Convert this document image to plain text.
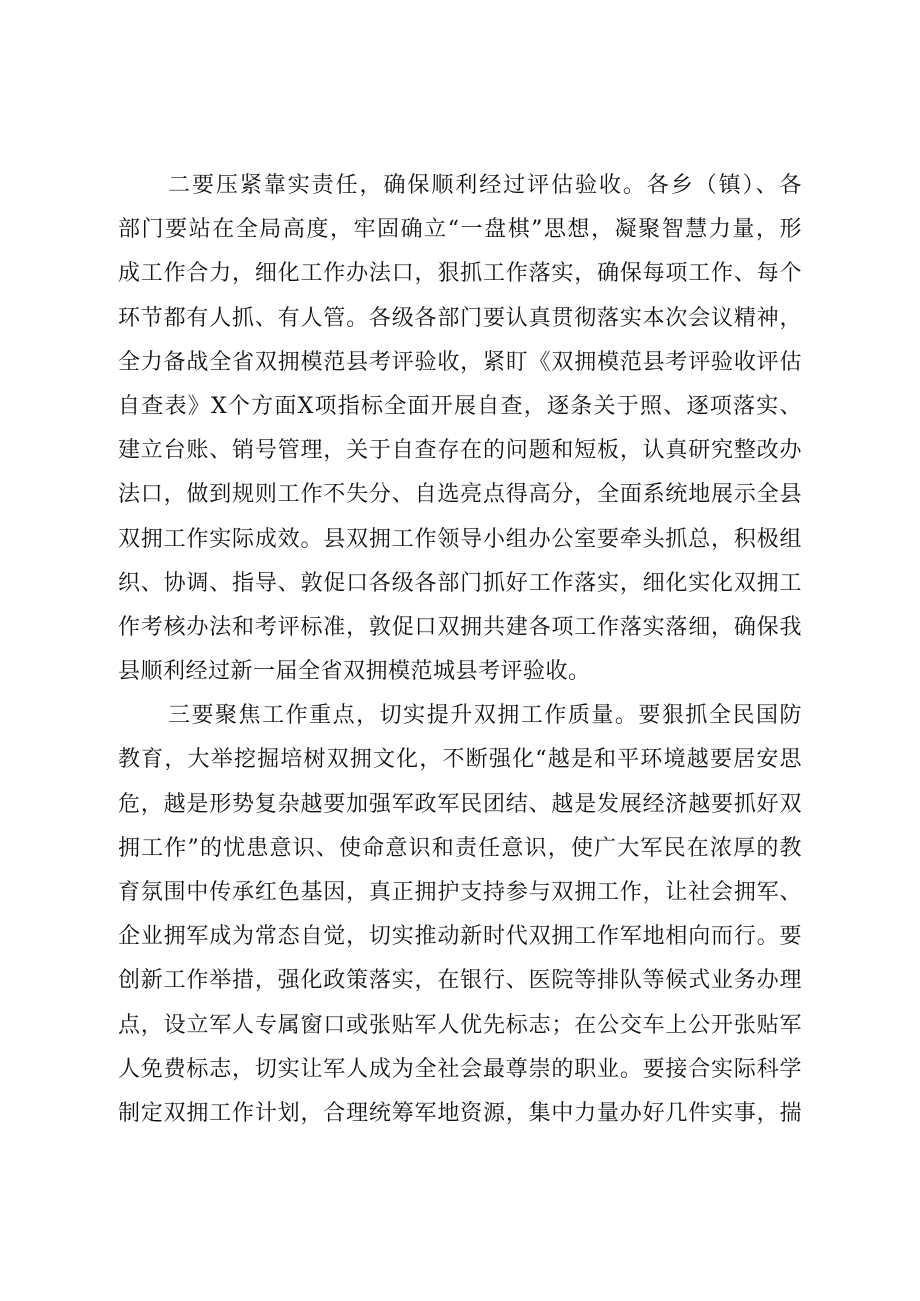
二要压紧靠实责任，确保顺利经过评估验收。各乡（镇）、各
部门要站在全局高度，牢固确立“一盘棋”思想，凝聚智慧力量，形
成工作合力，细化工作办法口，狠抓工作落实，确保每项工作、每个
环节都有人抓、有人管。各级各部门要认真贯彻落实本次会议精神，
全力备战全省双拥模范县考评验收，紧盯《双拥模范县考评验收评估
自查表》X个方面X项指标全面开展自查，逐条关于照、逐项落实、
建立台账、销号管理，关于自查存在的问题和短板，认真研究整改办
法口，做到规则工作不失分、自选亮点得高分，全面系统地展示全县
双拥工作实际成效。县双拥工作领导小组办公室要牵头抓总，积极组
织、协调、指导、敦促口各级各部门抓好工作落实，细化实化双拥工
作考核办法和考评标准，敦促口双拥共建各项工作落实落细，确保我
县顺利经过新一届全省双拥模范城县考评验收。
三要聚焦工作重点，切实提升双拥工作质量。要狠抓全民国防
教育，大举挖掘培树双拥文化，不断强化“越是和平环境越要居安思
危，越是形势复杂越要加强军政军民团结、越是发展经济越要抓好双
拥工作”的忧患意识、使命意识和责任意识，使广大军民在浓厚的教
育氛围中传承红色基因，真正拥护支持参与双拥工作，让社会拥军、
企业拥军成为常态自觉，切实推动新时代双拥工作军地相向而行。要
创新工作举措，强化政策落实，在银行、医院等排队等候式业务办理
点，设立军人专属窗口或张贴军人优先标志；在公交车上公开张贴军
人免费标志，切实让军人成为全社会最尊崇的职业。要接合实际科学
制定双拥工作计划，合理统筹军地资源，集中力量办好几件实事，揣
